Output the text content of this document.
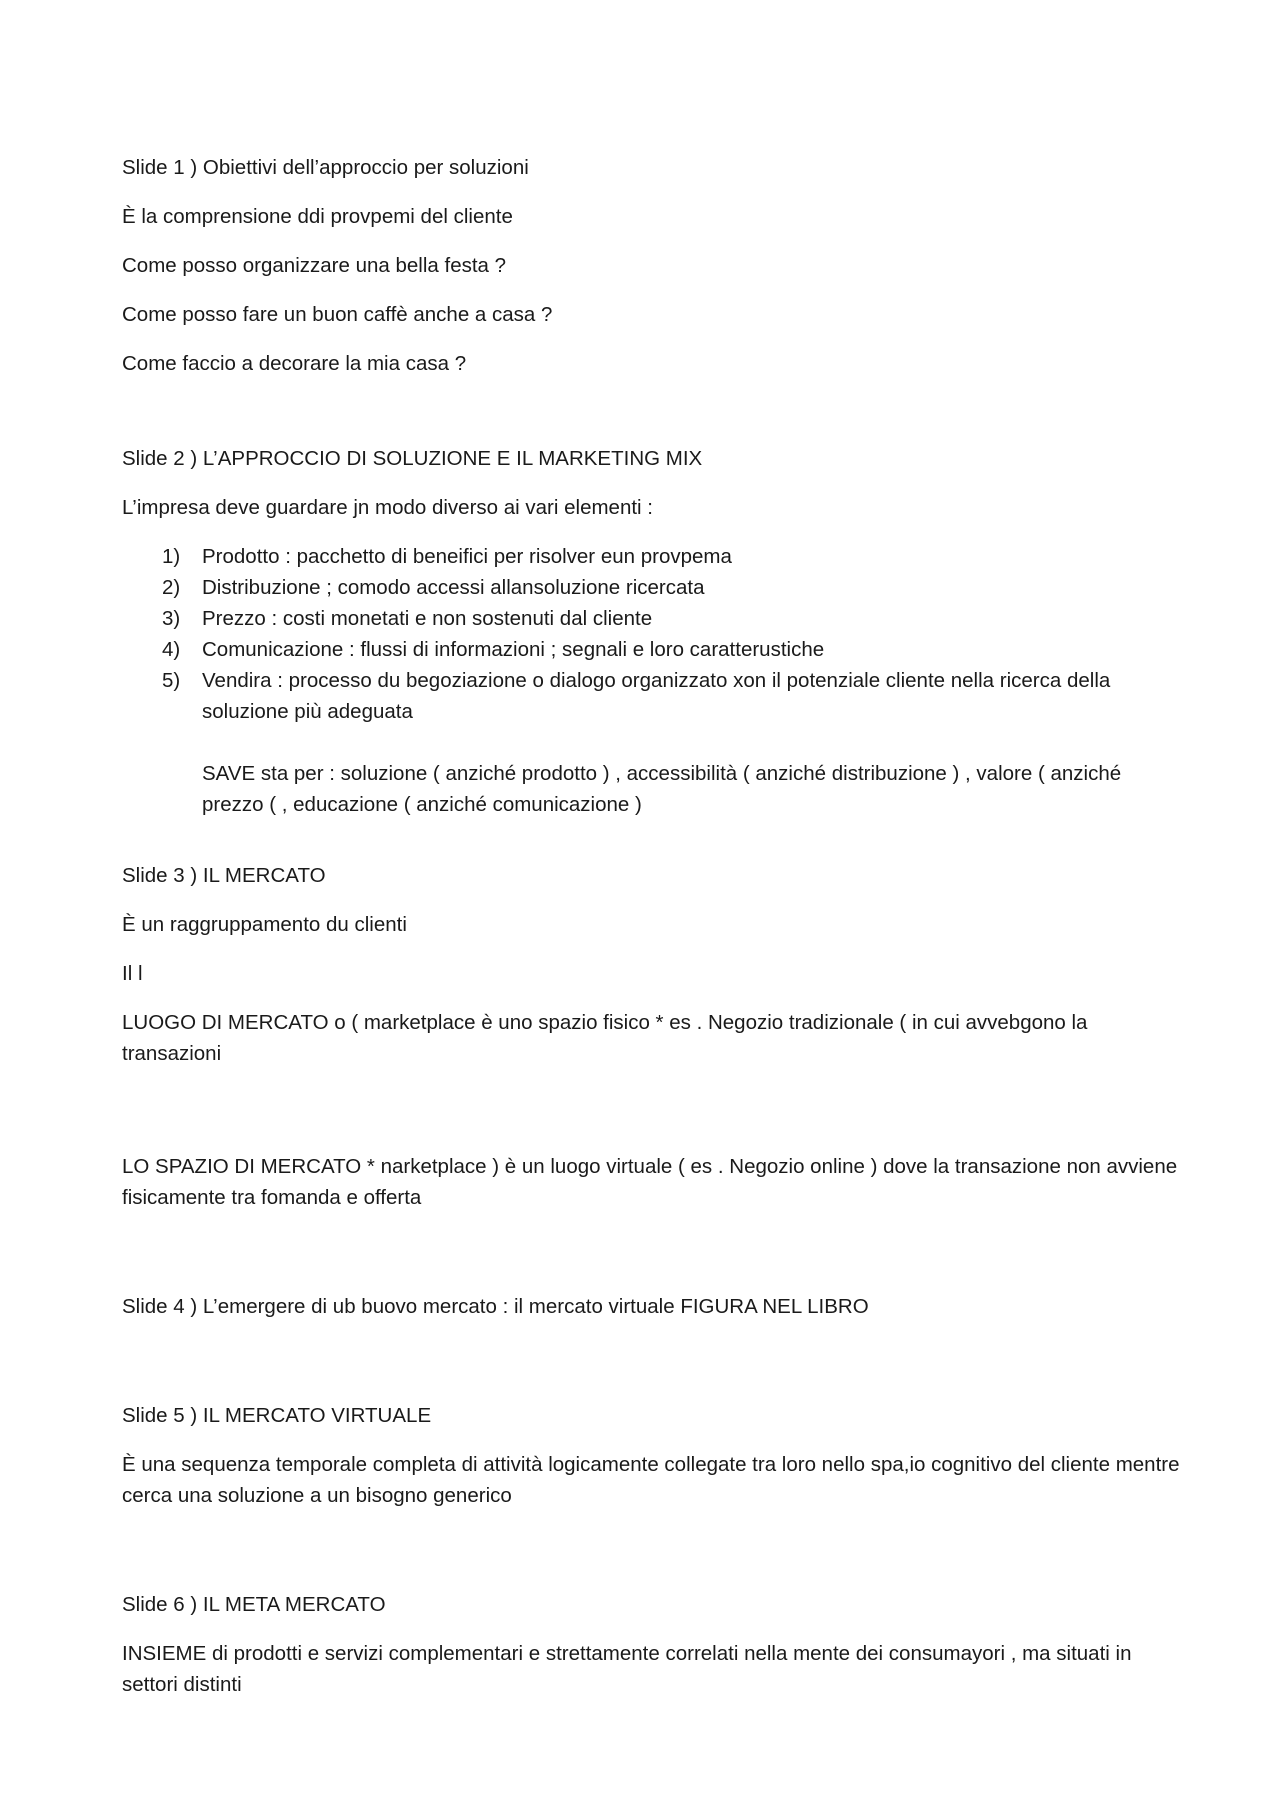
Slide 1 ) Obiettivi dell’approccio per soluzioni

È la comprensione ddi provpemi del cliente

Come posso organizzare una bella festa ?

Come posso fare un buon caffè anche a casa ?

Come faccio a decorare la mia casa ?

Slide 2 ) L’APPROCCIO DI SOLUZIONE E IL MARKETING MIX

L’impresa deve guardare jn modo diverso ai vari elementi :

1)	Prodotto : pacchetto di beneifici per risolver eun provpema
2)	Distribuzione ; comodo accessi allansoluzione ricercata
3)	Prezzo : costi monetati e non sostenuti dal cliente
4)	Comunicazione : flussi di informazioni ; segnali e loro caratterustiche
5)	Vendira : processo du begoziazione o dialogo organizzato xon il potenziale cliente nella ricerca della soluzione più adeguata

SAVE sta per : soluzione ( anziché prodotto ) , accessibilità ( anziché distribuzione ) , valore ( anziché prezzo ( , educazione ( anziché comunicazione )

Slide 3 ) IL MERCATO

È un raggruppamento du clienti

Il l

LUOGO DI MERCATO o ( marketplace è uno spazio fisico * es . Negozio tradizionale ( in cui avvebgono la transazioni

LO SPAZIO DI MERCATO * narketplace ) è un luogo virtuale ( es . Negozio online ) dove la transazione non avviene fisicamente tra fomanda e offerta

Slide 4 ) L’emergere di ub buovo mercato : il mercato virtuale FIGURA NEL LIBRO

Slide 5 ) IL MERCATO VIRTUALE

È una sequenza temporale completa di attività logicamente collegate tra loro nello spa,io cognitivo del cliente mentre cerca una soluzione a un bisogno generico

Slide 6 ) IL META MERCATO

INSIEME di prodotti e servizi complementari e strettamente correlati nella mente dei consumayori , ma situati in settori distinti
